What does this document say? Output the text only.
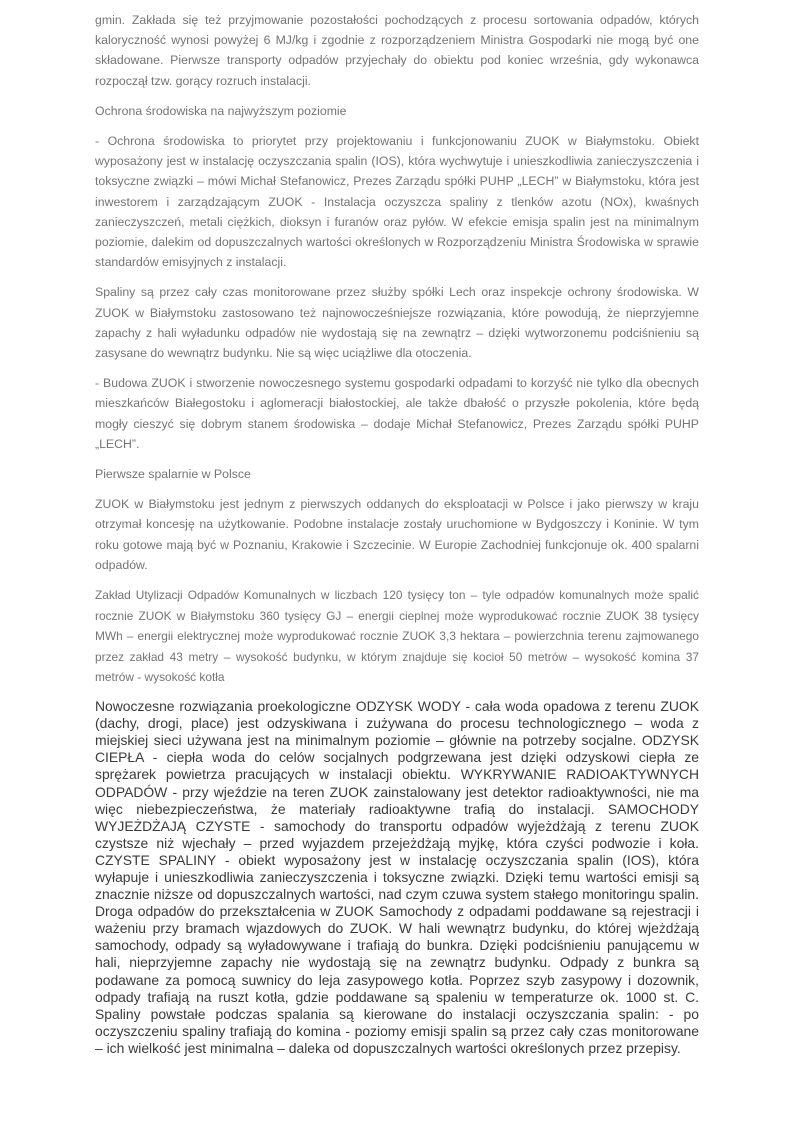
gmin. Zakłada się też przyjmowanie pozostałości pochodzących z procesu sortowania odpadów, których kaloryczność wynosi powyżej 6 MJ/kg i zgodnie z rozporządzeniem Ministra Gospodarki nie mogą być one składowane. Pierwsze transporty odpadów przyjechały do obiektu pod koniec września, gdy wykonawca rozpoczął tzw. gorący rozruch instalacji.

Ochrona środowiska na najwyższym poziomie

- Ochrona środowiska to priorytet przy projektowaniu i funkcjonowaniu ZUOK w Białymstoku. Obiekt wyposażony jest w instalację oczyszczania spalin (IOS), która wychwytuje i unieszkodliwia zanieczyszczenia i toksyczne związki – mówi Michał Stefanowicz, Prezes Zarządu spółki PUHP „LECH” w Białymstoku, która jest inwestorem i zarządzającym ZUOK - Instalacja oczyszcza spaliny z tlenków azotu (NOx), kwaśnych zanieczyszczeń, metali ciężkich, dioksyn i furanów oraz pyłów. W efekcie emisja spalin jest na minimalnym poziomie, dalekim od dopuszczalnych wartości określonych w Rozporządzeniu Ministra Środowiska w sprawie standardów emisyjnych z instalacji.

Spaliny są przez cały czas monitorowane przez służby spółki Lech oraz inspekcje ochrony środowiska. W ZUOK w Białymstoku zastosowano też najnowocześniejsze rozwiązania, które powodują, że nieprzyjemne zapachy z hali wyładunku odpadów nie wydostają się na zewnątrz – dzięki wytworzonemu podciśnieniu są zasysane do wewnątrz budynku. Nie są więc uciążliwe dla otoczenia.

- Budowa ZUOK i stworzenie nowoczesnego systemu gospodarki odpadami to korzyść nie tylko dla obecnych mieszkańców Białegostoku i aglomeracji białostockiej, ale także dbałość o przyszłe pokolenia, które będą mogły cieszyć się dobrym stanem środowiska – dodaje Michał Stefanowicz, Prezes Zarządu spółki PUHP „LECH”.

Pierwsze spalarnie w Polsce

ZUOK w Białymstoku jest jednym z pierwszych oddanych do eksploatacji w Polsce i jako pierwszy w kraju otrzymał koncesję na użytkowanie. Podobne instalacje zostały uruchomione w Bydgoszczy i Koninie. W tym roku gotowe mają być w Poznaniu, Krakowie i Szczecinie. W Europie Zachodniej funkcjonuje ok. 400 spalarni odpadów.

Zakład Utylizacji Odpadów Komunalnych w liczbach 120 tysięcy ton – tyle odpadów komunalnych może spalić rocznie ZUOK w Białymstoku 360 tysięcy GJ – energii cieplnej może wyprodukować rocznie ZUOK 38 tysięcy MWh – energii elektrycznej może wyprodukować rocznie ZUOK 3,3 hektara – powierzchnia terenu zajmowanego przez zakład 43 metry – wysokość budynku, w którym znajduje się kocioł 50 metrów – wysokość komina 37 metrów - wysokość kotła

Nowoczesne rozwiązania proekologiczne ODZYSK WODY - cała woda opadowa z terenu ZUOK (dachy, drogi, place) jest odzyskiwana i zużywana do procesu technologicznego – woda z miejskiej sieci używana jest na minimalnym poziomie – głównie na potrzeby socjalne. ODZYSK CIEPŁA - ciepła woda do celów socjalnych podgrzewana jest dzięki odzyskowi ciepła ze sprężarek powietrza pracujących w instalacji obiektu. WYKRYWANIE RADIOAKTYWNYCH ODPADÓW - przy wjeździe na teren ZUOK zainstalowany jest detektor radioaktywności, nie ma więc niebezpieczeństwa, że materiały radioaktywne trafią do instalacji. SAMOCHODY WYJEŻDŻAJĄ CZYSTE - samochody do transportu odpadów wyjeżdżają z terenu ZUOK czystsze niż wjechały – przed wyjazdem przejeżdżają myjkę, która czyści podwozie i koła. CZYSTE SPALINY - obiekt wyposażony jest w instalację oczyszczania spalin (IOS), która wyłapuje i unieszkodliwia zanieczyszczenia i toksyczne związki. Dzięki temu wartości emisji są znacznie niższe od dopuszczalnych wartości, nad czym czuwa system stałego monitoringu spalin. Droga odpadów do przekształcenia w ZUOK Samochody z odpadami poddawane są rejestracji i ważeniu przy bramach wjazdowych do ZUOK. W hali wewnątrz budynku, do której wjeżdżają samochody, odpady są wyładowywane i trafiają do bunkra. Dzięki podciśnieniu panującemu w hali, nieprzyjemne zapachy nie wydostają się na zewnątrz budynku. Odpady z bunkra są podawane za pomocą suwnicy do leja zasypowego kotła. Poprzez szyb zasypowy i dozownik, odpady trafiają na ruszt kotła, gdzie poddawane są spaleniu w temperaturze ok. 1000 st. C. Spaliny powstałe podczas spalania są kierowane do instalacji oczyszczania spalin: - po oczyszczeniu spaliny trafiają do komina - poziomy emisji spalin są przez cały czas monitorowane – ich wielkość jest minimalna – daleka od dopuszczalnych wartości określonych przez przepisy.
